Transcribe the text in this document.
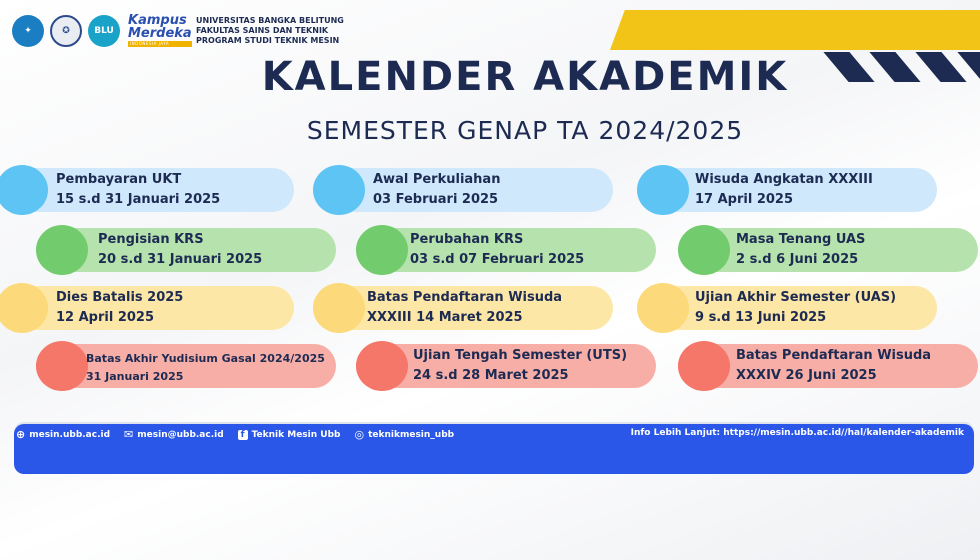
✦	✪	BLU
Kampus
Merdeka
INDONESIA JAYA
UNIVERSITAS BANGKA BELITUNG
FAKULTAS SAINS DAN TEKNIK
PROGRAM STUDI TEKNIK MESIN
KALENDER AKADEMIK
SEMESTER GENAP TA 2024/2025
Pembayaran UKT
15 s.d 31 Januari 2025
Awal Perkuliahan
03 Februari 2025
Wisuda Angkatan XXXIII
17 April 2025
Pengisian KRS
20 s.d 31 Januari 2025
Perubahan KRS
03 s.d 07 Februari 2025
Masa Tenang UAS
2 s.d 6 Juni 2025
Dies Batalis 2025
12 April 2025
Batas Pendaftaran Wisuda
XXXIII 14 Maret 2025
Ujian Akhir Semester (UAS)
9 s.d 13 Juni 2025
Batas Akhir Yudisium Gasal 2024/2025
31 Januari 2025
Ujian Tengah Semester (UTS)
24 s.d 28 Maret 2025
Batas Pendaftaran Wisuda
XXXIV 26 Juni 2025
⊕ mesin.ubb.ac.id ✉ mesin@ubb.ac.id	f Teknik Mesin Ubb ◎ teknikmesin_ubb	Info Lebih Lanjut: https://mesin.ubb.ac.id//hal/kalender-akademik
